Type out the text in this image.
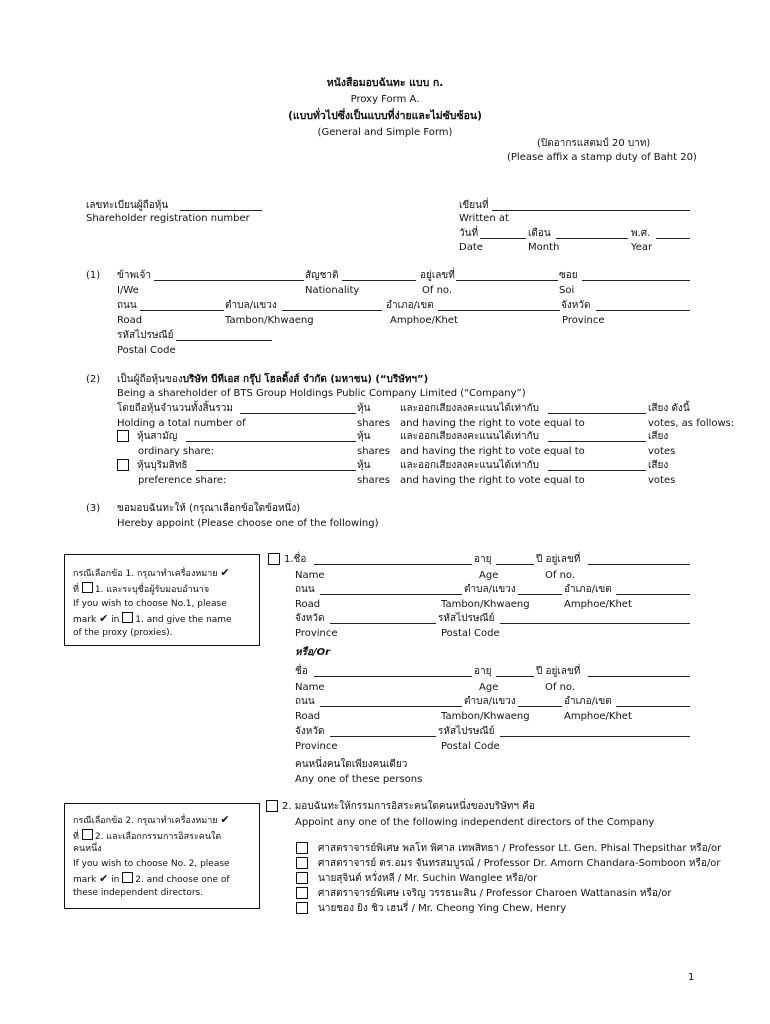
หนังสือมอบฉันทะ แบบ ก.
Proxy Form A.
(แบบทั่วไปซึ่งเป็นแบบที่ง่ายและไม่ซับซ้อน)
(General and Simple Form)
(ปิดอากรแสตมป์ 20 บาท)
(Please affix a stamp duty of Baht 20)
เลขทะเบียนผู้ถือหุ้น
Shareholder registration number
เขียนที่
Written at
วันที่	เดือน	พ.ศ.
Date	Month	Year
(1) ข้าพเจ้า	สัญชาติ	อยู่เลขที่	ซอย
I/We	Nationality	Of no.	Soi
ถนน	ตำบล/แขวง	อำเภอ/เขต	จังหวัด
Road	Tambon/Khwaeng	Amphoe/Khet	Province
รหัสไปรษณีย์
Postal Code
(2) เป็นผู้ถือหุ้นของบริษัท บีทีเอส กรุ๊ป โฮลดิ้งส์ จำกัด (มหาชน) (“บริษัทฯ”)
Being a shareholder of BTS Group Holdings Public Company Limited (“Company”)
โดยถือหุ้นจำนวนทั้งสิ้นรวม	หุ้น	และออกเสียงลงคะแนนได้เท่ากับ	เสียง ดังนี้
Holding a total number of	shares and having the right to vote equal to	votes, as follows:
หุ้นสามัญ	หุ้น	และออกเสียงลงคะแนนได้เท่ากับ	เสียง
ordinary share:	shares and having the right to vote equal to	votes
หุ้นบุริมสิทธิ	หุ้น	และออกเสียงลงคะแนนได้เท่ากับ	เสียง
preference share:	shares and having the right to vote equal to	votes
(3) ขอมอบฉันทะให้ (กรุณาเลือกข้อใดข้อหนึ่ง)
Hereby appoint (Please choose one of the following)
กรณีเลือกข้อ 1. กรุณาทำเครื่องหมาย ✔
ที่ 1. และระบุชื่อผู้รับมอบอำนาจ
If you wish to choose No.1, please
mark ✔ in 1. and give the name
of the proxy (proxies).
1.ชื่อ	อายุ	ปี อยู่เลขที่
Name	Age	Of no.
ถนน	ตำบล/แขวง	อำเภอ/เขต
Road	Tambon/Khwaeng	Amphoe/Khet
จังหวัด	รหัสไปรษณีย์
Province	Postal Code
หรือ/Or
ชื่อ	อายุ	ปี อยู่เลขที่
Name	Age	Of no.
ถนน	ตำบล/แขวง	อำเภอ/เขต
Road	Tambon/Khwaeng	Amphoe/Khet
จังหวัด	รหัสไปรษณีย์
Province	Postal Code
คนหนึ่งคนใดเพียงคนเดียว
Any one of these persons
กรณีเลือกข้อ 2. กรุณาทำเครื่องหมาย ✔
ที่ 2. และเลือกกรรมการอิสระคนใด
คนหนึ่ง
If you wish to choose No. 2, please
mark ✔ in 2. and choose one of
these independent directors.
2. มอบฉันทะให้กรรมการอิสระคนใดคนหนึ่งของบริษัทฯ คือ
Appoint any one of the following independent directors of the Company
ศาสตราจารย์พิเศษ พลโท พิศาล เทพสิทธา / Professor Lt. Gen. Phisal Thepsithar หรือ/or
ศาสตราจารย์ ดร.อมร จันทรสมบูรณ์ / Professor Dr. Amorn Chandara-Somboon หรือ/or
นายสุจินต์ หวั่งหลี / Mr. Suchin Wanglee หรือ/or
ศาสตราจารย์พิเศษ เจริญ วรรธนะสิน / Professor Charoen Wattanasin หรือ/or
นายชอง ยิง ชิว เฮนรี่ / Mr. Cheong Ying Chew, Henry
1
